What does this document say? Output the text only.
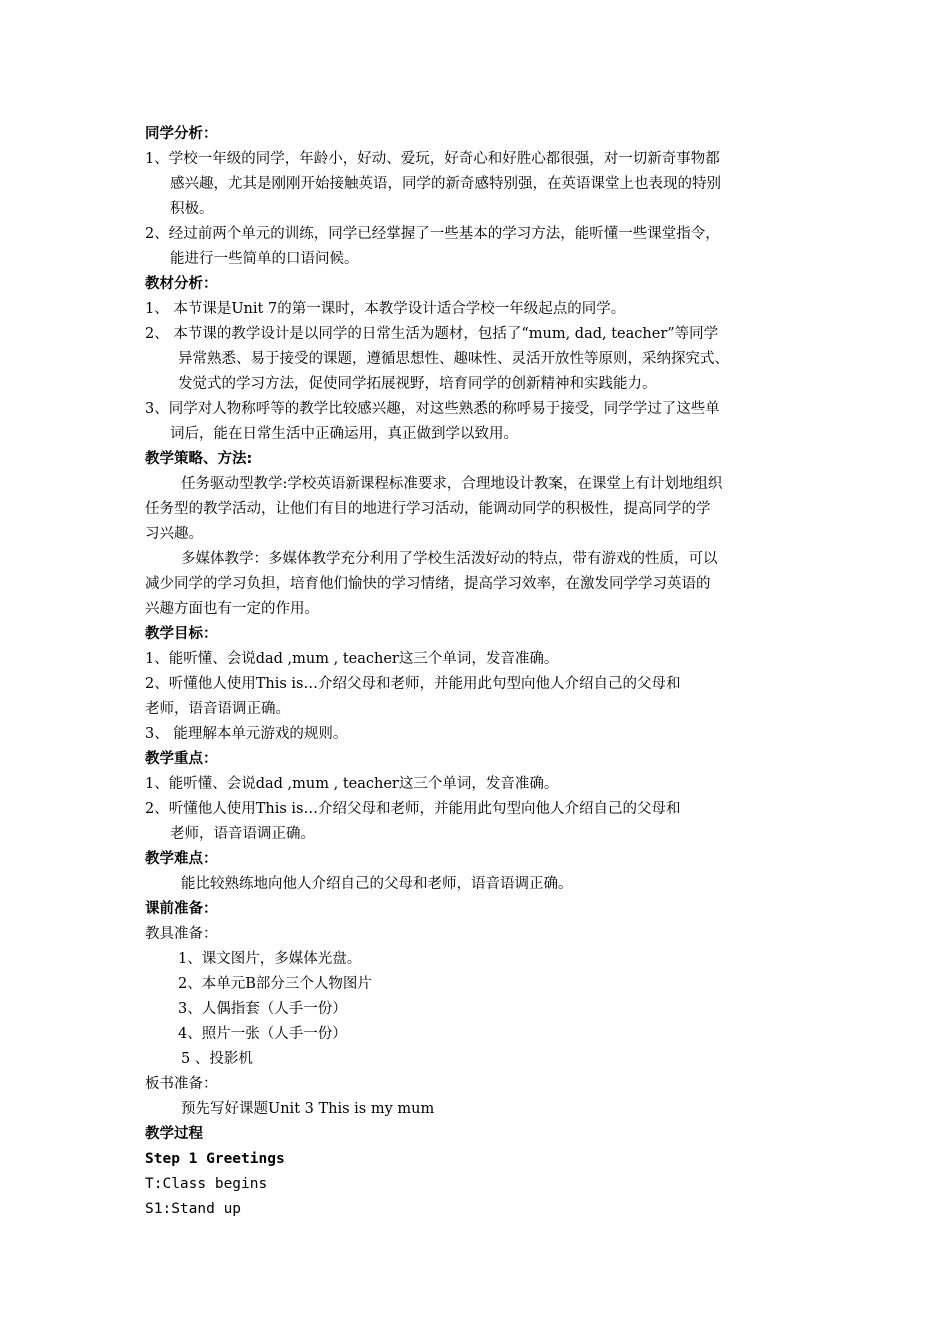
同学分析：
1、学校一年级的同学，年龄小，好动、爱玩，好奇心和好胜心都很强，对一切新奇事物都
感兴趣，尤其是刚刚开始接触英语，同学的新奇感特别强，在英语课堂上也表现的特别
积极。
2、经过前两个单元的训练，同学已经掌握了一些基本的学习方法，能听懂一些课堂指令，
能进行一些简单的口语问候。
教材分析：
1、 本节课是Unit 7的第一课时，本教学设计适合学校一年级起点的同学。
2、 本节课的教学设计是以同学的日常生活为题材，包括了“mum, dad, teacher”等同学
异常熟悉、易于接受的课题，遵循思想性、趣味性、灵活开放性等原则，采纳探究式、
发觉式的学习方法，促使同学拓展视野，培育同学的创新精神和实践能力。
3、同学对人物称呼等的教学比较感兴趣，对这些熟悉的称呼易于接受，同学学过了这些单
词后，能在日常生活中正确运用，真正做到学以致用。
教学策略、方法:
任务驱动型教学:学校英语新课程标准要求，合理地设计教案，在课堂上有计划地组织
任务型的教学活动，让他们有目的地进行学习活动，能调动同学的积极性，提高同学的学
习兴趣。
多媒体教学：多媒体教学充分利用了学校生活泼好动的特点，带有游戏的性质，可以
减少同学的学习负担，培育他们愉快的学习情绪，提高学习效率，在激发同学学习英语的
兴趣方面也有一定的作用。
教学目标：
1、能听懂、会说dad ,mum , teacher这三个单词，发音准确。
2、听懂他人使用This is…介绍父母和老师，并能用此句型向他人介绍自己的父母和
老师，语音语调正确。
3、 能理解本单元游戏的规则。
教学重点：
1、能听懂、会说dad ,mum , teacher这三个单词，发音准确。
2、听懂他人使用This is…介绍父母和老师，并能用此句型向他人介绍自己的父母和
老师，语音语调正确。
教学难点：
能比较熟练地向他人介绍自己的父母和老师，语音语调正确。
课前准备：
教具准备：
1、课文图片，多媒体光盘。
2、本单元B部分三个人物图片
3、人偶指套（人手一份）
4、照片一张（人手一份）
5 、投影机
板书准备：
预先写好课题Unit 3 This is my mum
教学过程
Step 1 Greetings
T:Class begins
S1:Stand up
